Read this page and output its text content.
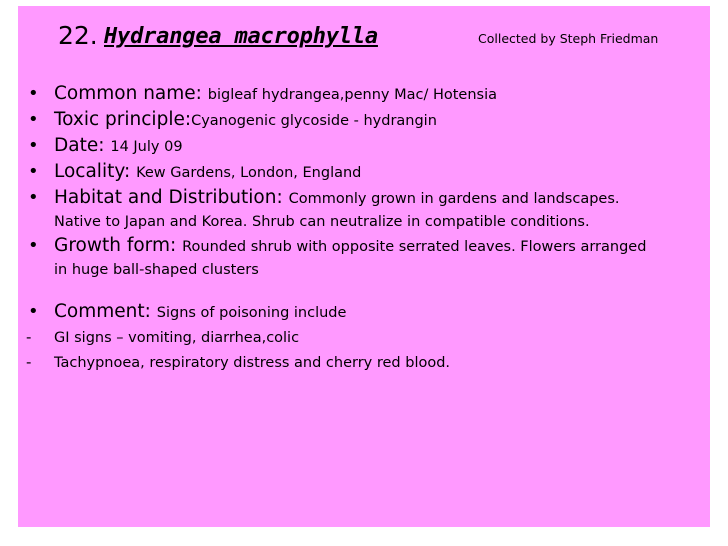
22. Hydrangea macrophylla	Collected by Steph Friedman
• Common name: bigleaf hydrangea,penny Mac/ Hotensia
• Toxic principle:Cyanogenic glycoside - hydrangin
• Date: 14 July 09
• Locality: Kew Gardens, London, England
• Habitat and Distribution: Commonly grown in gardens and landscapes.
Native to Japan and Korea. Shrub can neutralize in compatible conditions.
• Growth form: Rounded shrub with opposite serrated leaves. Flowers arranged
in huge ball-shaped clusters
• Comment: Signs of poisoning include
- GI signs – vomiting, diarrhea,colic
- Tachypnoea, respiratory distress and cherry red blood.
